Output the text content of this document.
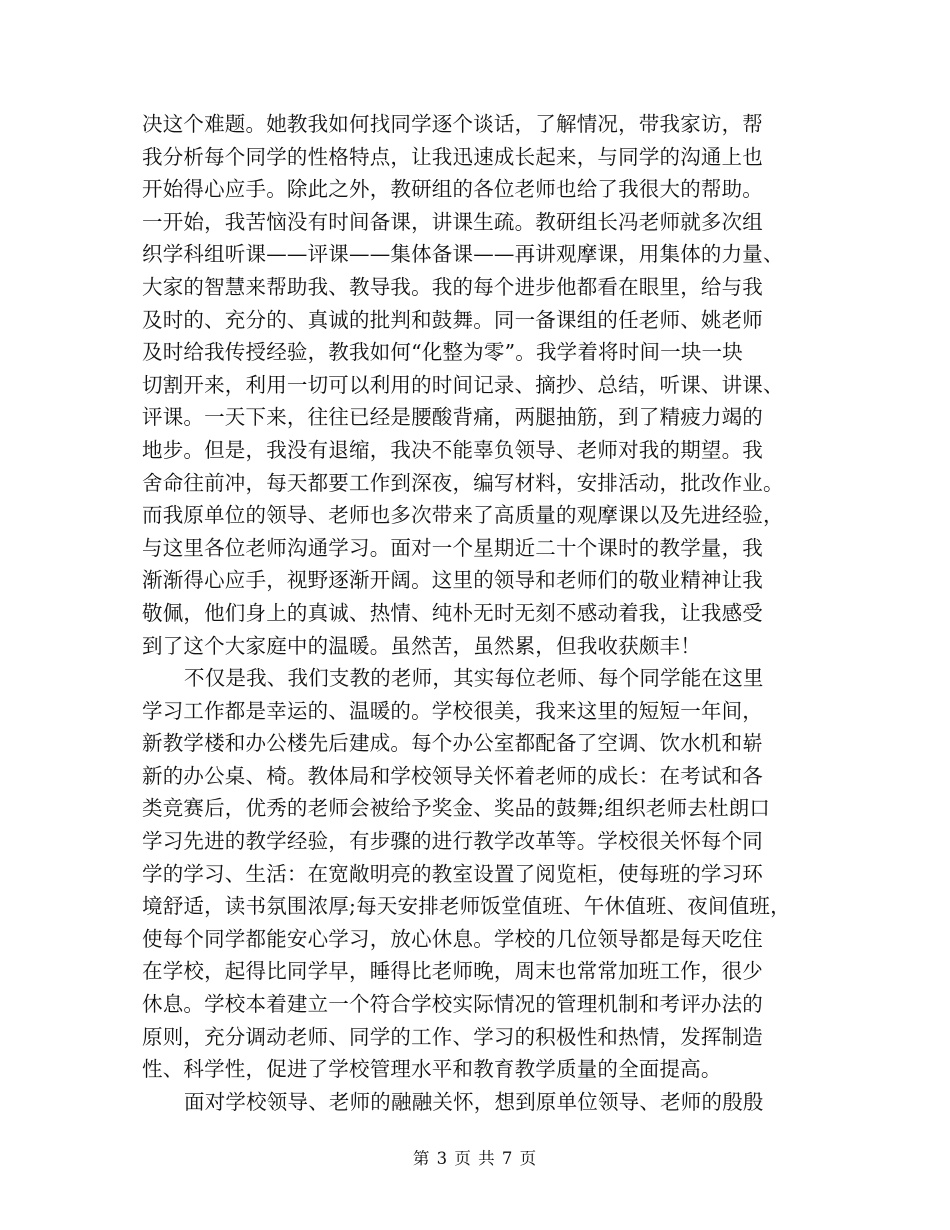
决这个难题。她教我如何找同学逐个谈话，了解情况，带我家访，帮
我分析每个同学的性格特点，让我迅速成长起来，与同学的沟通上也
开始得心应手。除此之外，教研组的各位老师也给了我很大的帮助。
一开始，我苦恼没有时间备课，讲课生疏。教研组长冯老师就多次组
织学科组听课——评课——集体备课——再讲观摩课，用集体的力量、
大家的智慧来帮助我、教导我。我的每个进步他都看在眼里，给与我
及时的、充分的、真诚的批判和鼓舞。同一备课组的任老师、姚老师
及时给我传授经验，教我如何“化整为零”。我学着将时间一块一块
切割开来，利用一切可以利用的时间记录、摘抄、总结，听课、讲课、
评课。一天下来，往往已经是腰酸背痛，两腿抽筋，到了精疲力竭的
地步。但是，我没有退缩，我决不能辜负领导、老师对我的期望。我
舍命往前冲，每天都要工作到深夜，编写材料，安排活动，批改作业。
而我原单位的领导、老师也多次带来了高质量的观摩课以及先进经验，
与这里各位老师沟通学习。面对一个星期近二十个课时的教学量，我
渐渐得心应手，视野逐渐开阔。这里的领导和老师们的敬业精神让我
敬佩，他们身上的真诚、热情、纯朴无时无刻不感动着我，让我感受
到了这个大家庭中的温暖。虽然苦，虽然累，但我收获颇丰！
不仅是我、我们支教的老师，其实每位老师、每个同学能在这里
学习工作都是幸运的、温暖的。学校很美，我来这里的短短一年间，
新教学楼和办公楼先后建成。每个办公室都配备了空调、饮水机和崭
新的办公桌、椅。教体局和学校领导关怀着老师的成长：在考试和各
类竞赛后，优秀的老师会被给予奖金、奖品的鼓舞;组织老师去杜朗口
学习先进的教学经验，有步骤的进行教学改革等。学校很关怀每个同
学的学习、生活：在宽敞明亮的教室设置了阅览柜，使每班的学习环
境舒适，读书氛围浓厚;每天安排老师饭堂值班、午休值班、夜间值班，
使每个同学都能安心学习，放心休息。学校的几位领导都是每天吃住
在学校，起得比同学早，睡得比老师晚，周末也常常加班工作，很少
休息。学校本着建立一个符合学校实际情况的管理机制和考评办法的
原则，充分调动老师、同学的工作、学习的积极性和热情，发挥制造
性、科学性，促进了学校管理水平和教育教学质量的全面提高。
面对学校领导、老师的融融关怀，想到原单位领导、老师的殷殷
第 3 页 共 7 页
